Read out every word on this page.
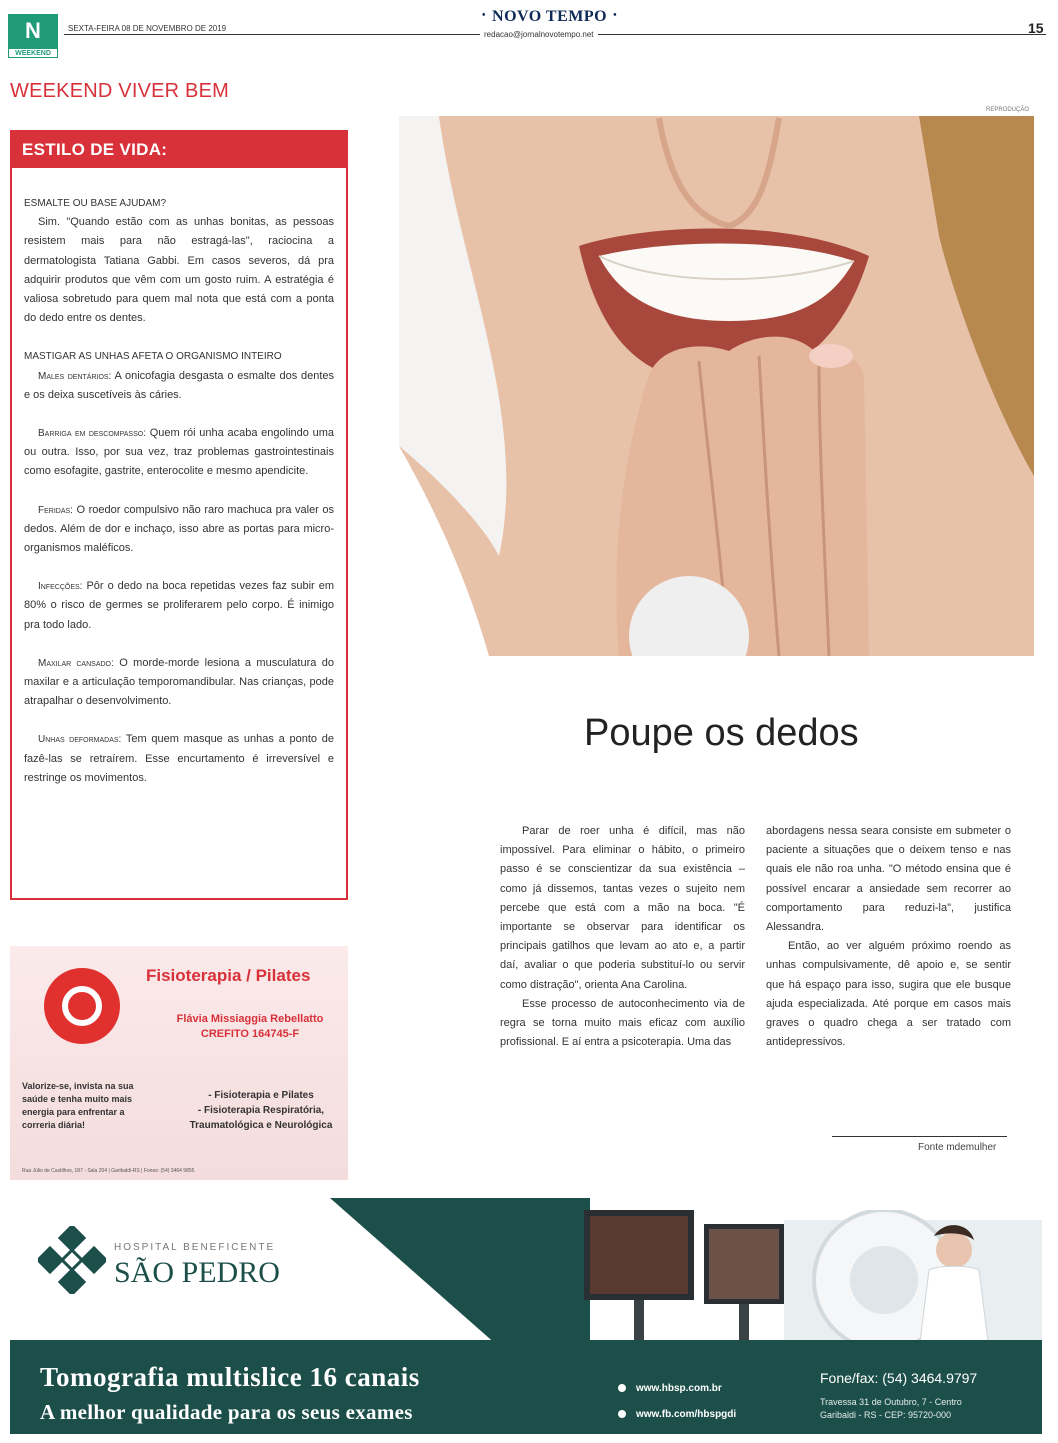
N
WEEKEND
SEXTA-FEIRA 08 DE NOVEMBRO DE 2019
• NOVO TEMPO •
redacao@jornalnovotempo.net	15
WEEKEND VIVER BEM
REPRODUÇÃO
ESTILO DE VIDA:

ESMALTE OU BASE AJUDAM?

Sim. "Quando estão com as unhas bonitas, as pessoas resistem mais para não estragá-las", raciocina a dermatologista Tatiana Gabbi. Em casos severos, dá pra adquirir produtos que vêm com um gosto ruim. A estratégia é valiosa sobretudo para quem mal nota que está com a ponta do dedo entre os dentes.

MASTIGAR AS UNHAS AFETA O ORGANISMO INTEIRO

Males dentários: A onicofagia desgasta o esmalte dos dentes e os deixa suscetíveis às cáries.

Barriga em descompasso: Quem rói unha acaba engolindo uma ou outra. Isso, por sua vez, traz problemas gastrointestinais como esofagite, gastrite, enterocolite e mesmo apendicite.

Feridas: O roedor compulsivo não raro machuca pra valer os dedos. Além de dor e inchaço, isso abre as portas para micro-organismos maléficos.

Infecções: Pôr o dedo na boca repetidas vezes faz subir em 80% o risco de germes se proliferarem pelo corpo. É inimigo pra todo lado.

Maxilar cansado: O morde-morde lesiona a musculatura do maxilar e a articulação temporomandibular. Nas crianças, pode atrapalhar o desenvolvimento.

Unhas deformadas: Tem quem masque as unhas a ponto de fazê-las se retraírem. Esse encurtamento é irreversível e restringe os movimentos.

Poupe os dedos

Parar de roer unha é difícil, mas não impossível. Para eliminar o hábito, o primeiro passo é se conscientizar da sua existência – como já dissemos, tantas vezes o sujeito nem percebe que está com a mão na boca. "É importante se observar para identificar os principais gatilhos que levam ao ato e, a partir daí, avaliar o que poderia substituí-lo ou servir como distração", orienta Ana Carolina.

Esse processo de autoconhecimento via de regra se torna muito mais eficaz com auxílio profissional. E aí entra a psicoterapia. Uma das

abordagens nessa seara consiste em submeter o paciente a situações que o deixem tenso e nas quais ele não roa unha. "O método ensina que é possível encarar a ansiedade sem recorrer ao comportamento para reduzi-la", justifica Alessandra.

Então, ao ver alguém próximo roendo as unhas compulsivamente, dê apoio e, se sentir que há espaço para isso, sugira que ele busque ajuda especializada. Até porque em casos mais graves o quadro chega a ser tratado com antidepressivos.

Fonte mdemulher
Fisioterapia / Pilates
Flávia Missiaggia Rebellatto
CREFITO 164745-F
Valorize-se, invista na sua saúde e tenha muito mais energia para enfrentar a correria diária!
- Fisioterapia e Pilates
- Fisioterapia Respiratória, Traumatológica e Neurológica
Rua Júlio de Castilhos, 187 - Sala 204 | Garibaldi-RS | Fones: (54) 3464 9855
HOSPITAL BENEFICENTE
SÃO PEDRO
Tomografia multislice 16 canais
A melhor qualidade para os seus exames
www.hbsp.com.br
www.fb.com/hbspgdi
Fone/fax: (54) 3464.9797
Travessa 31 de Outubro, 7 - Centro
Garibaldi - RS - CEP: 95720-000
